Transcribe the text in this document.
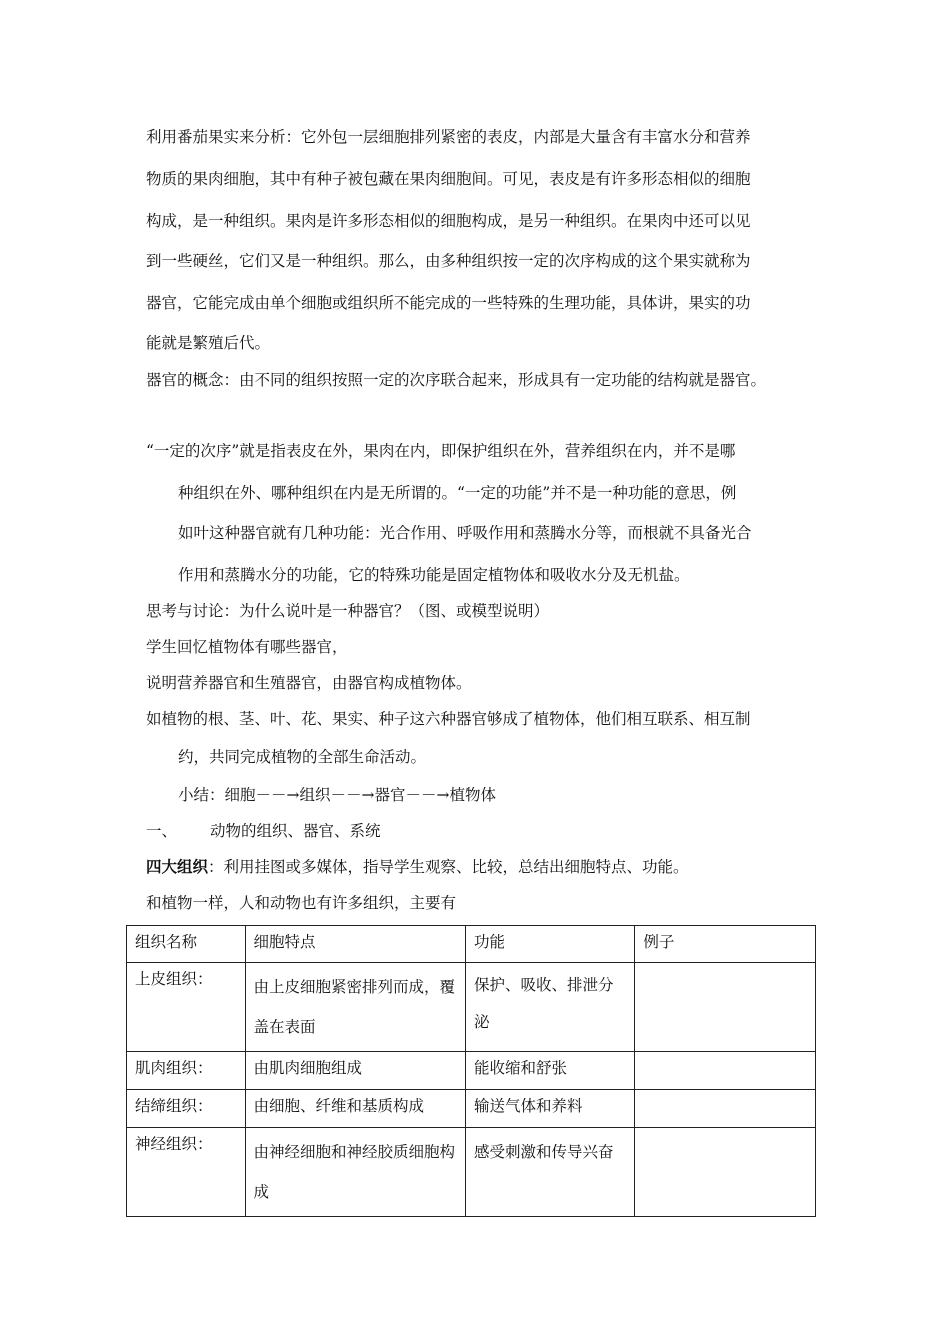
利用番茄果实来分析：它外包一层细胞排列紧密的表皮，内部是大量含有丰富水分和营养
物质的果肉细胞，其中有种子被包藏在果肉细胞间。可见，表皮是有许多形态相似的细胞
构成，是一种组织。果肉是许多形态相似的细胞构成，是另一种组织。在果肉中还可以见
到一些硬丝，它们又是一种组织。那么，由多种组织按一定的次序构成的这个果实就称为
器官，它能完成由单个细胞或组织所不能完成的一些特殊的生理功能，具体讲，果实的功
能就是繁殖后代。
器官的概念：由不同的组织按照一定的次序联合起来，形成具有一定功能的结构就是器官。
“一定的次序”就是指表皮在外，果肉在内，即保护组织在外，营养组织在内，并不是哪
种组织在外、哪种组织在内是无所谓的。“一定的功能”并不是一种功能的意思，例
如叶这种器官就有几种功能：光合作用、呼吸作用和蒸腾水分等，而根就不具备光合
作用和蒸腾水分的功能，它的特殊功能是固定植物体和吸收水分及无机盐。
思考与讨论：为什么说叶是一种器官？（图、或模型说明）
学生回忆植物体有哪些器官，
说明营养器官和生殖器官，由器官构成植物体。
如植物的根、茎、叶、花、果实、种子这六种器官够成了植物体，他们相互联系、相互制
约，共同完成植物的全部生命活动。
小结：细胞－－→组织－－→器官－－→植物体
一、 动物的组织、器官、系统
四大组织：利用挂图或多媒体，指导学生观察、比较，总结出细胞特点、功能。
和植物一样，人和动物也有许多组织，主要有
组织名称	细胞特点	功能	例子
上皮组织：	由上皮细胞紧密排列而成，覆盖在表面	保护、吸收、排泄分泌	
肌肉组织：	由肌肉细胞组成	能收缩和舒张	
结缔组织：	由细胞、纤维和基质构成	输送气体和养料	
神经组织：	由神经细胞和神经胶质细胞构成	感受刺激和传导兴奋	
